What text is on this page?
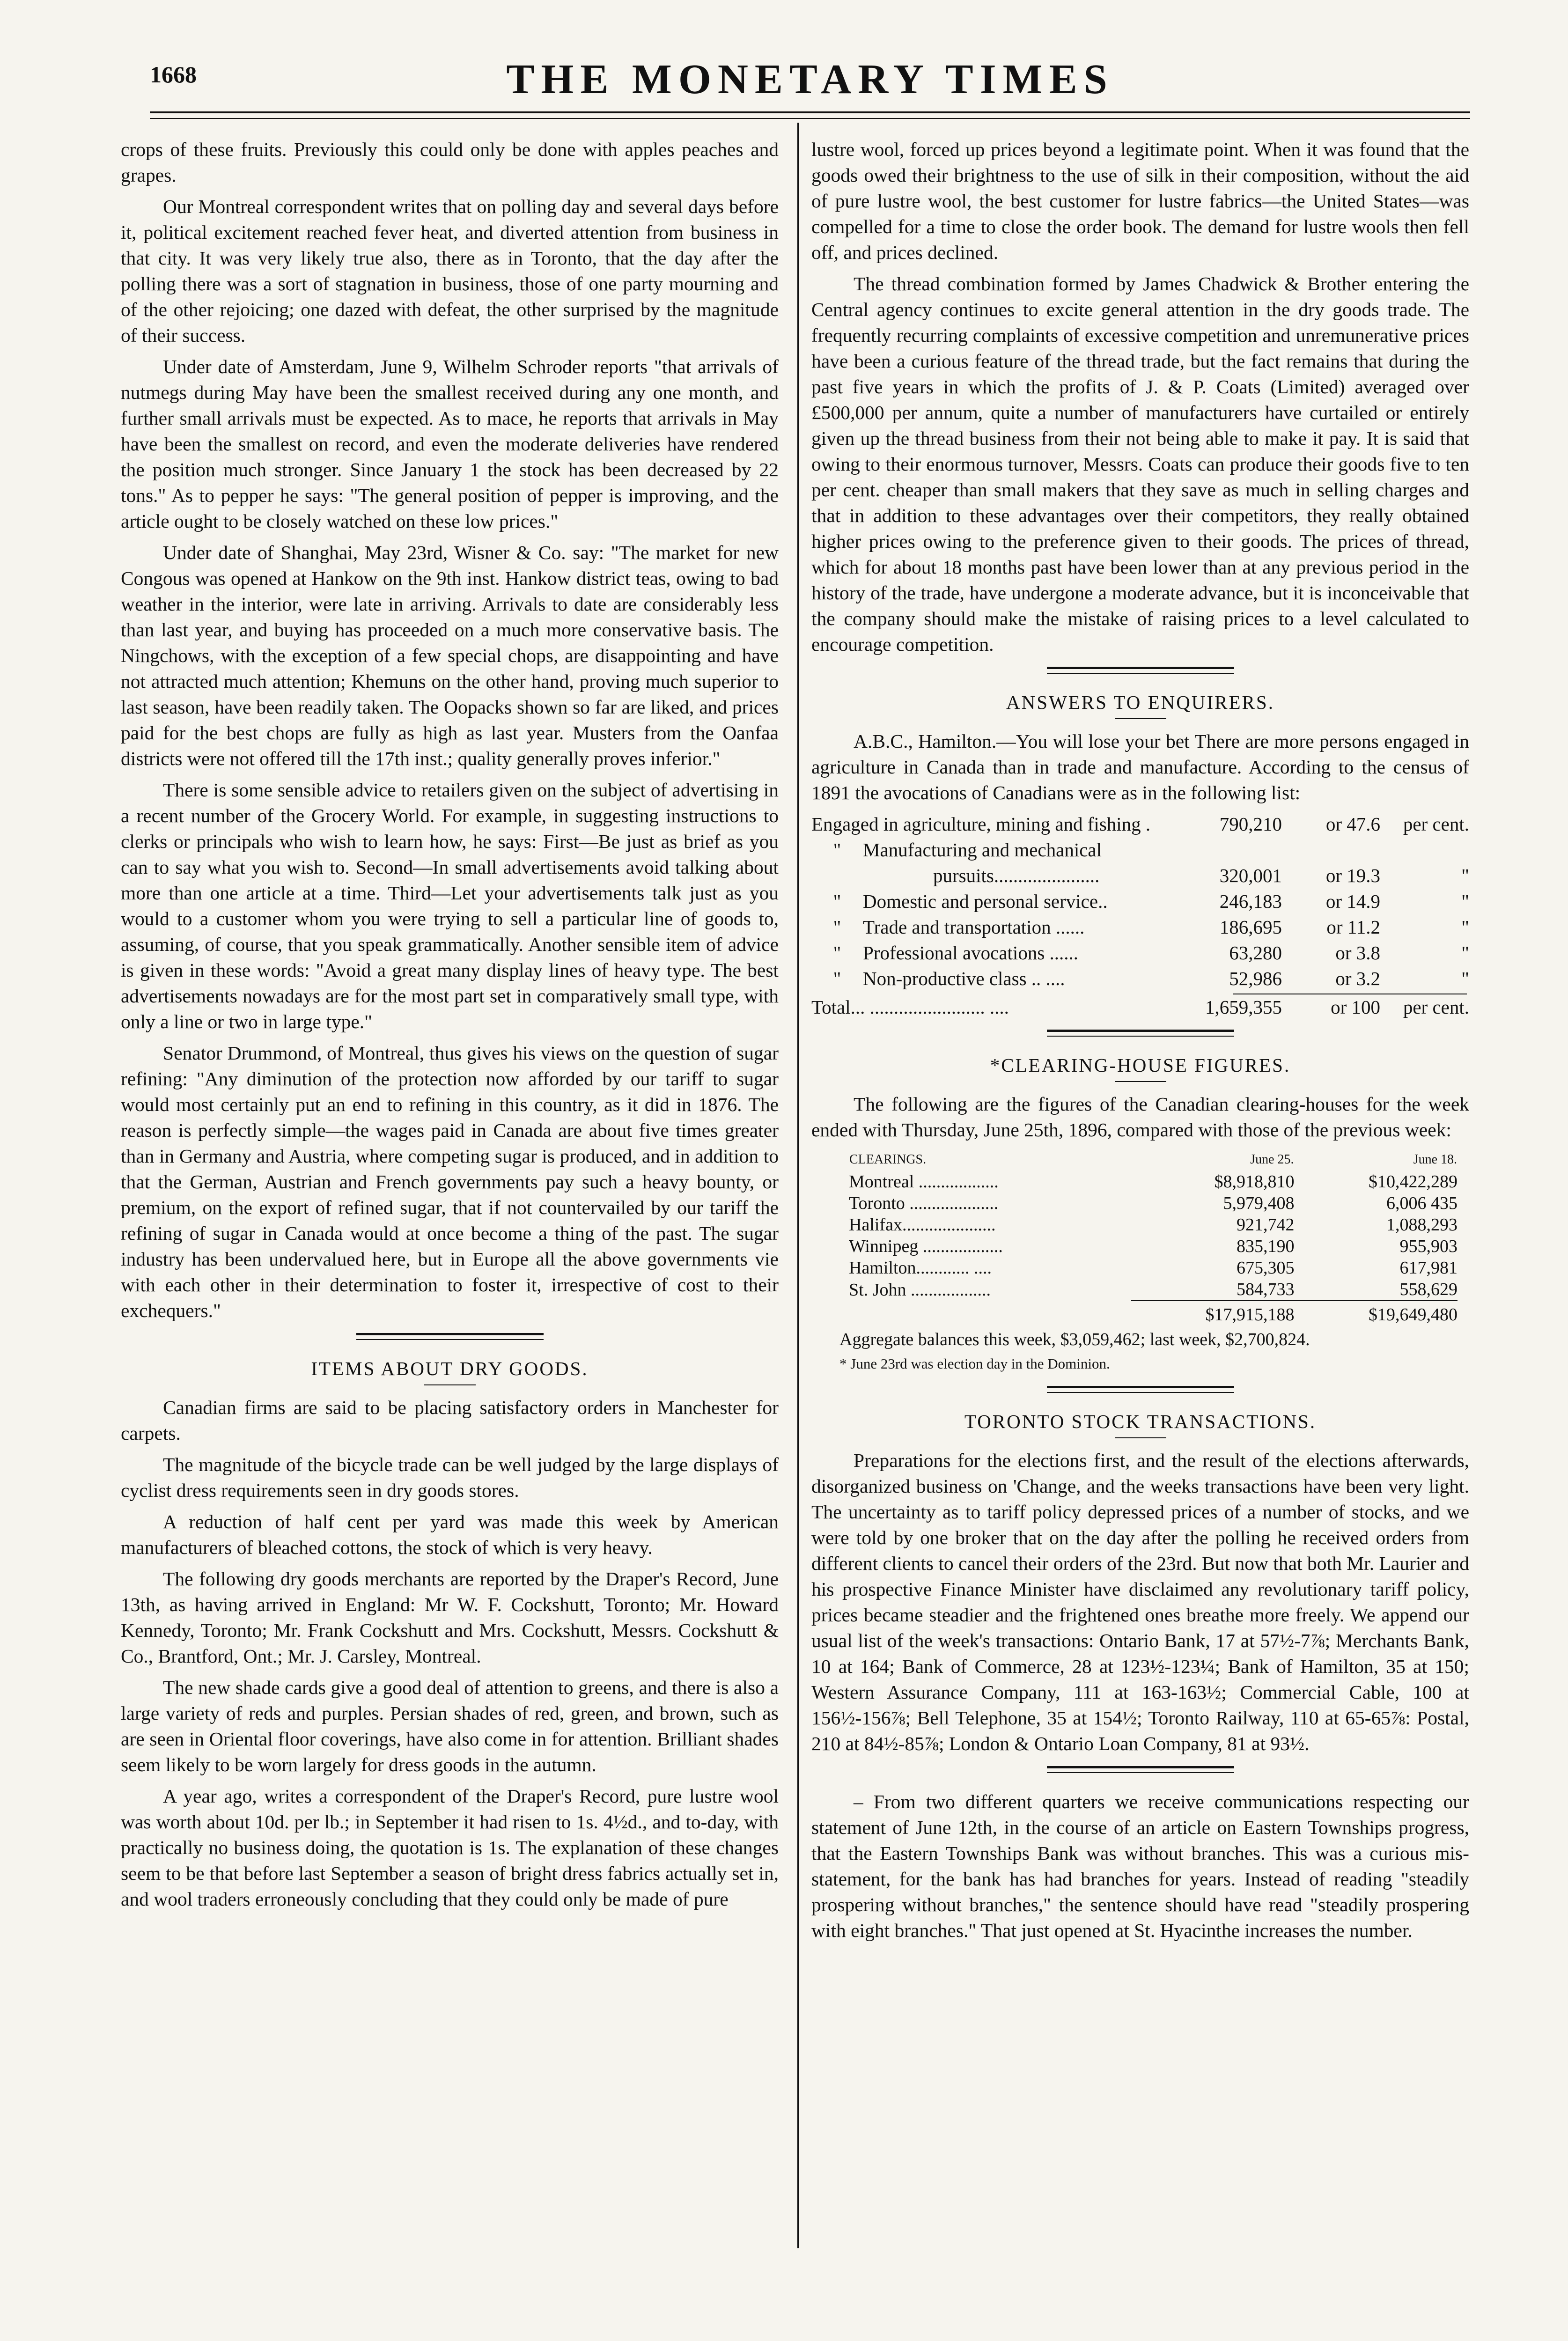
1668	THE MONETARY TIMES

crops of these fruits. Previously this could only be done with apples peaches and grapes.

Our Montreal correspondent writes that on polling day and several days before it, political excitement reached fever heat, and diverted attention from business in that city. It was very likely true also, there as in Toronto, that the day after the polling there was a sort of stagnation in business, those of one party mourning and of the other rejoicing; one dazed with defeat, the other surprised by the magnitude of their success.

Under date of Amsterdam, June 9, Wilhelm Schroder reports "that arrivals of nutmegs during May have been the smallest received during any one month, and further small arrivals must be expected. As to mace, he reports that arrivals in May have been the smallest on record, and even the moderate deliveries have rendered the position much stronger. Since January 1 the stock has been decreased by 22 tons." As to pepper he says: "The general position of pepper is improving, and the article ought to be closely watched on these low prices."

Under date of Shanghai, May 23rd, Wisner & Co. say: "The market for new Congous was opened at Hankow on the 9th inst. Hankow district teas, owing to bad weather in the interior, were late in arriving. Arrivals to date are considerably less than last year, and buying has proceeded on a much more conservative basis. The Ningchows, with the exception of a few special chops, are disappointing and have not attracted much attention; Khemuns on the other hand, proving much superior to last season, have been readily taken. The Oopacks shown so far are liked, and prices paid for the best chops are fully as high as last year. Musters from the Oanfaa districts were not offered till the 17th inst.; quality generally proves inferior."

There is some sensible advice to retailers given on the subject of advertising in a recent number of the Grocery World. For example, in suggesting instructions to clerks or principals who wish to learn how, he says: First—Be just as brief as you can to say what you wish to. Second—In small advertisements avoid talking about more than one article at a time. Third—Let your advertisements talk just as you would to a customer whom you were trying to sell a particular line of goods to, assuming, of course, that you speak grammatically. Another sensible item of advice is given in these words: "Avoid a great many display lines of heavy type. The best advertisements nowadays are for the most part set in comparatively small type, with only a line or two in large type."

Senator Drummond, of Montreal, thus gives his views on the question of sugar refining: "Any diminution of the protection now afforded by our tariff to sugar would most certainly put an end to refining in this country, as it did in 1876. The reason is perfectly simple—the wages paid in Canada are about five times greater than in Germany and Austria, where competing sugar is produced, and in addition to that the German, Austrian and French governments pay such a heavy bounty, or premium, on the export of refined sugar, that if not countervailed by our tariff the refining of sugar in Canada would at once become a thing of the past. The sugar industry has been undervalued here, but in Europe all the above governments vie with each other in their determination to foster it, irrespective of cost to their exchequers."

ITEMS ABOUT DRY GOODS.

Canadian firms are said to be placing satisfactory orders in Manchester for carpets.

The magnitude of the bicycle trade can be well judged by the large displays of cyclist dress requirements seen in dry goods stores.

A reduction of half cent per yard was made this week by American manufacturers of bleached cottons, the stock of which is very heavy.

The following dry goods merchants are reported by the Draper's Record, June 13th, as having arrived in England: Mr W. F. Cockshutt, Toronto; Mr. Howard Kennedy, Toronto; Mr. Frank Cockshutt and Mrs. Cockshutt, Messrs. Cockshutt & Co., Brantford, Ont.; Mr. J. Carsley, Montreal.

The new shade cards give a good deal of attention to greens, and there is also a large variety of reds and purples. Persian shades of red, green, and brown, such as are seen in Oriental floor coverings, have also come in for attention. Brilliant shades seem likely to be worn largely for dress goods in the autumn.

A year ago, writes a correspondent of the Draper's Record, pure lustre wool was worth about 10d. per lb.; in September it had risen to 1s. 4½d., and to-day, with practically no business doing, the quotation is 1s. The explanation of these changes seem to be that before last September a season of bright dress fabrics actually set in, and wool traders erroneously concluding that they could only be made of pure

lustre wool, forced up prices beyond a legitimate point. When it was found that the goods owed their brightness to the use of silk in their composition, without the aid of pure lustre wool, the best customer for lustre fabrics—the United States—was compelled for a time to close the order book. The demand for lustre wools then fell off, and prices declined.

The thread combination formed by James Chadwick & Brother entering the Central agency continues to excite general attention in the dry goods trade. The frequently recurring complaints of excessive competition and unremunerative prices have been a curious feature of the thread trade, but the fact remains that during the past five years in which the profits of J. & P. Coats (Limited) averaged over £500,000 per annum, quite a number of manufacturers have curtailed or entirely given up the thread business from their not being able to make it pay. It is said that owing to their enormous turnover, Messrs. Coats can produce their goods five to ten per cent. cheaper than small makers that they save as much in selling charges and that in addition to these advantages over their competitors, they really obtained higher prices owing to the preference given to their goods. The prices of thread, which for about 18 months past have been lower than at any previous period in the history of the trade, have undergone a moderate advance, but it is inconceivable that the company should make the mistake of raising prices to a level calculated to encourage competition.

ANSWERS TO ENQUIRERS.

A.B.C., Hamilton.—You will lose your bet There are more persons engaged in agriculture in Canada than in trade and manufacture. According to the census of 1891 the avocations of Canadians were as in the following list:

Engaged in agriculture, mining and fishing .	790,210	or 47.6	per cent.
"	Manufacturing and mechanical
pursuits......................	320,001	or 19.3	"
"	Domestic and personal service..	246,183	or 14.9	"
"	Trade and transportation ......	186,695	or 11.2	"
"	Professional avocations ......	63,280	or 3.8	"
"	Non-productive class .. ....	52,986	or 3.2	"
Total... ........................ ....	1,659,355	or 100	per cent.
*CLEARING-HOUSE FIGURES.

The following are the figures of the Canadian clearing-houses for the week ended with Thursday, June 25th, 1896, compared with those of the previous week:

CLEARINGS.	June 25.	June 18.
Montreal ..................	$8,918,810	$10,422,289
Toronto ....................	5,979,408	6,006 435
Halifax.....................	921,742	1,088,293
Winnipeg ..................	835,190	955,903
Hamilton............ ....	675,305	617,981
St. John ..................	584,733	558,629
	$17,915,188	$19,649,480
Aggregate balances this week, $3,059,462; last week, $2,700,824.
* June 23rd was election day in the Dominion.
TORONTO STOCK TRANSACTIONS.

Preparations for the elections first, and the result of the elections afterwards, disorganized business on 'Change, and the weeks transactions have been very light. The uncertainty as to tariff policy depressed prices of a number of stocks, and we were told by one broker that on the day after the polling he received orders from different clients to cancel their orders of the 23rd. But now that both Mr. Laurier and his prospective Finance Minister have disclaimed any revolutionary tariff policy, prices became steadier and the frightened ones breathe more freely. We append our usual list of the week's transactions: Ontario Bank, 17 at 57½-7⅞; Merchants Bank, 10 at 164; Bank of Commerce, 28 at 123½-123¼; Bank of Hamilton, 35 at 150; Western Assurance Company, 111 at 163-163½; Commercial Cable, 100 at 156½-156⅞; Bell Telephone, 35 at 154½; Toronto Railway, 110 at 65-65⅞: Postal, 210 at 84½-85⅞; London & Ontario Loan Company, 81 at 93½.

– From two different quarters we receive communications respecting our statement of June 12th, in the course of an article on Eastern Townships progress, that the Eastern Townships Bank was without branches. This was a curious mis-statement, for the bank has had branches for years. Instead of reading "steadily prospering without branches," the sentence should have read "steadily prospering with eight branches." That just opened at St. Hyacinthe increases the number.
